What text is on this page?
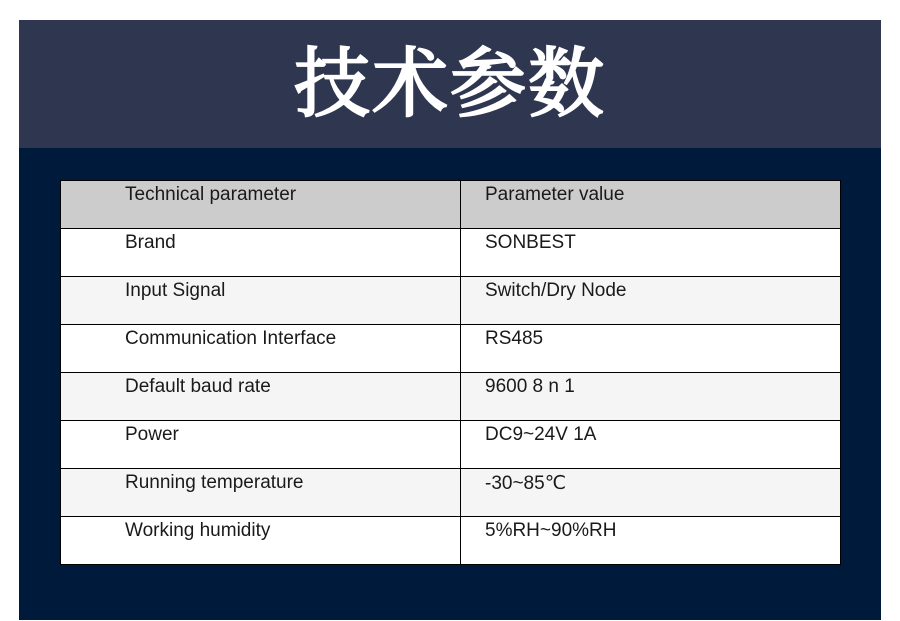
技术参数
Technical parameter	Parameter value

Brand	SONBEST

Input Signal	Switch/Dry Node

Communication Interface	RS485

Default baud rate	9600 8 n 1

Power	DC9~24V 1A

Running temperature	-30~85℃

Working humidity	5%RH~90%RH
